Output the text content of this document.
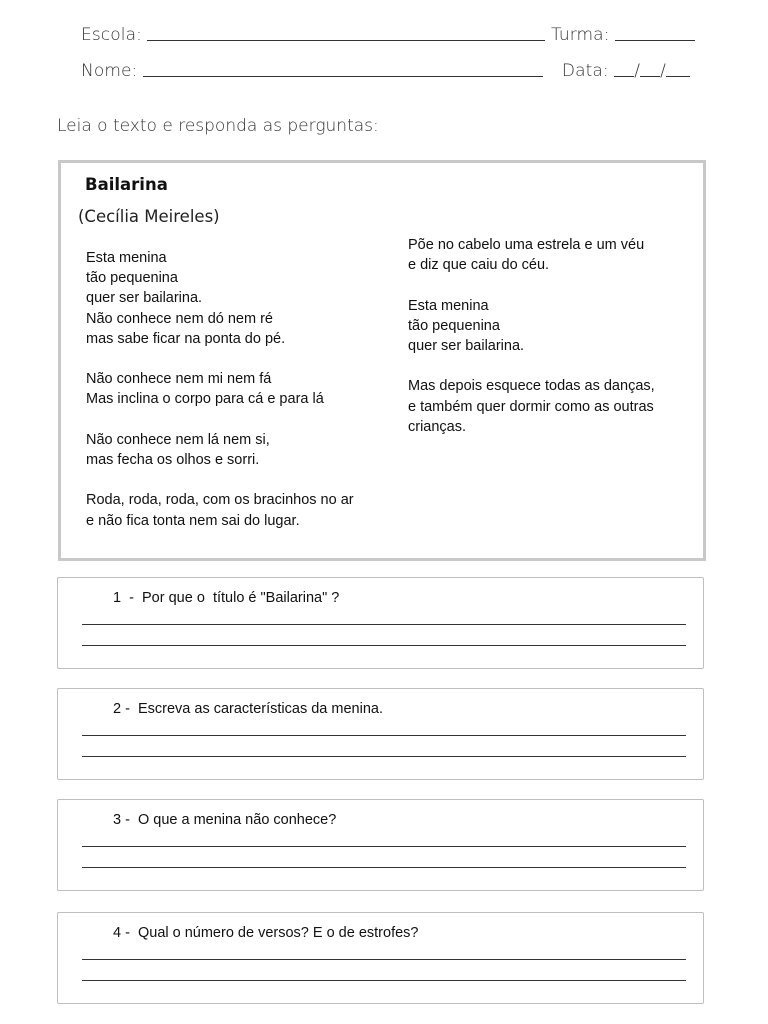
Escola:	Turma:
Nome:	Data: / /
Leia o texto e responda as perguntas:
Bailarina
(Cecília Meireles)
Esta menina
tão pequenina
quer ser bailarina.
Não conhece nem dó nem ré
mas sabe ficar na ponta do pé.
Não conhece nem mi nem fá
Mas inclina o corpo para cá e para lá
Não conhece nem lá nem si,
mas fecha os olhos e sorri.
Roda, roda, roda, com os bracinhos no ar
e não fica tonta nem sai do lugar.
Põe no cabelo uma estrela e um véu
e diz que caiu do céu.
Esta menina
tão pequenina
quer ser bailarina.
Mas depois esquece todas as danças,
e também quer dormir como as outras
crianças.
1  -  Por que o  título é "Bailarina" ?
2 -  Escreva as características da menina.
3 -  O que a menina não conhece?
4 -  Qual o número de versos? E o de estrofes?
